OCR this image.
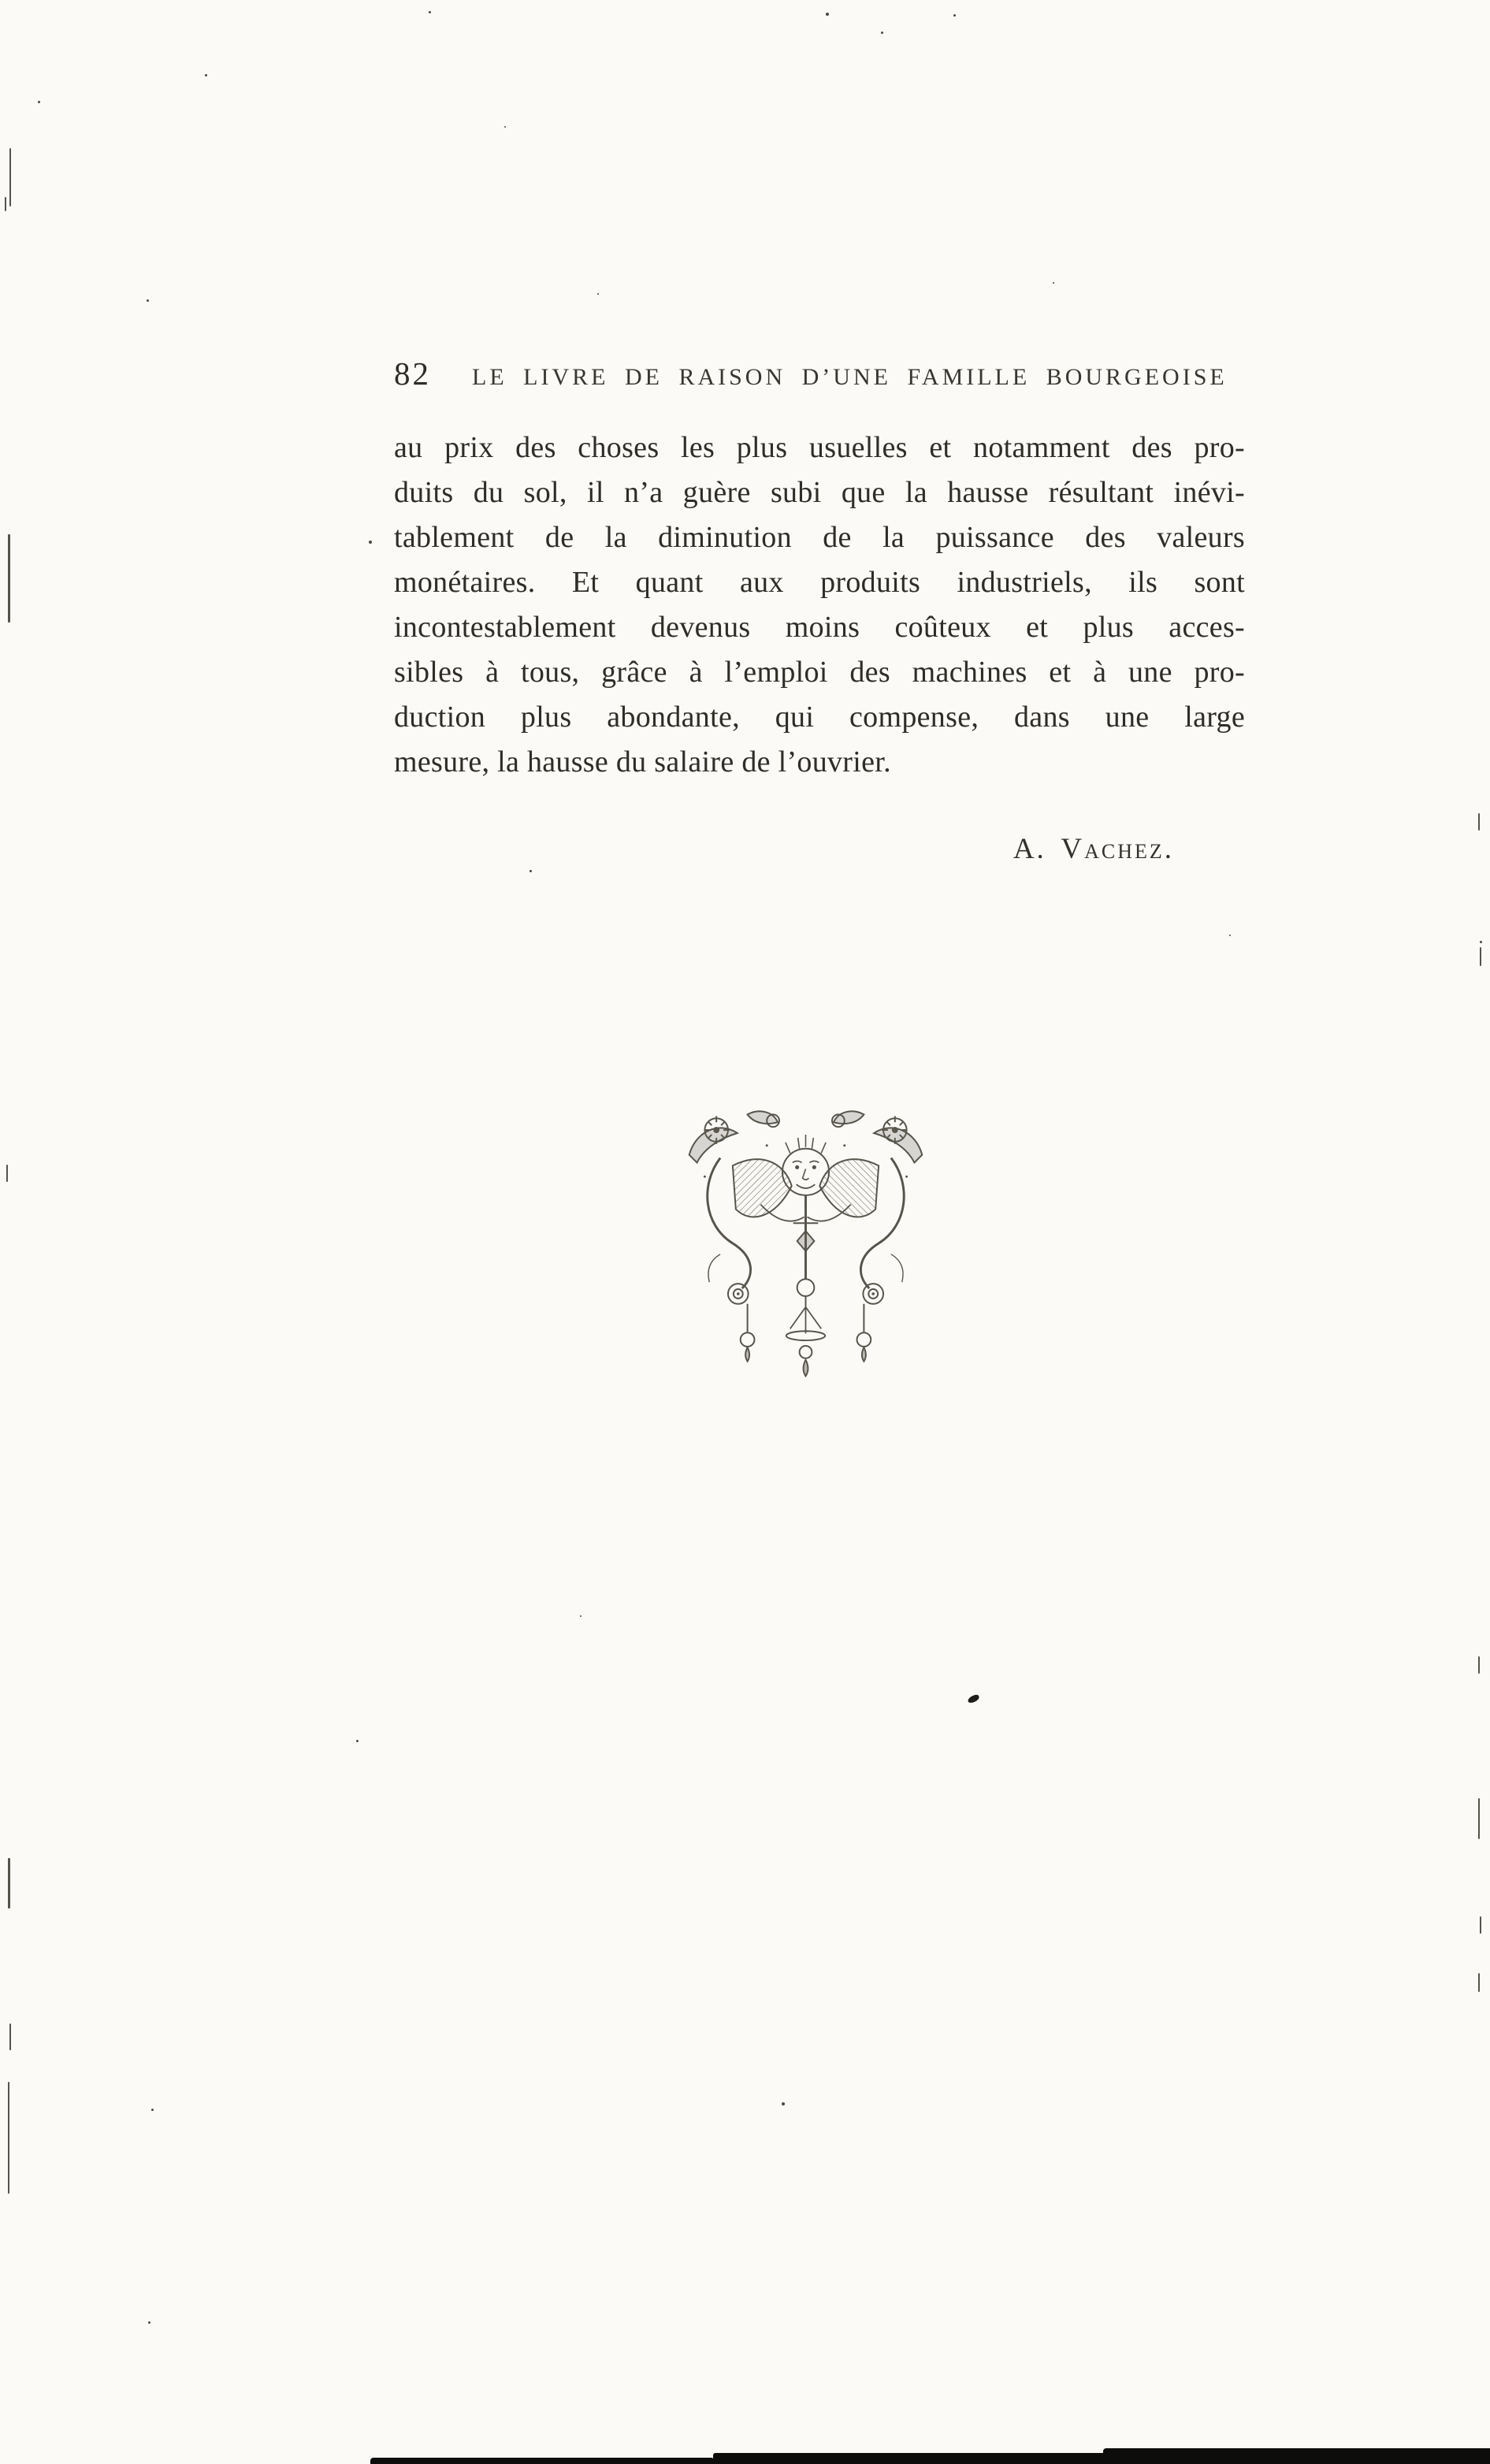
82 LE LIVRE DE RAISON D’UNE FAMILLE BOURGEOISE
au prix des choses les plus usuelles et notamment des pro-
duits du sol, il n’a guère subi que la hausse résultant inévi-
tablement de la diminution de la puissance des valeurs
monétaires. Et quant aux produits industriels, ils sont
incontestablement devenus moins coûteux et plus acces-
sibles à tous, grâce à l’emploi des machines et à une pro-
duction plus abondante, qui compense, dans une large
mesure, la hausse du salaire de l’ouvrier.
A. Vachez.
